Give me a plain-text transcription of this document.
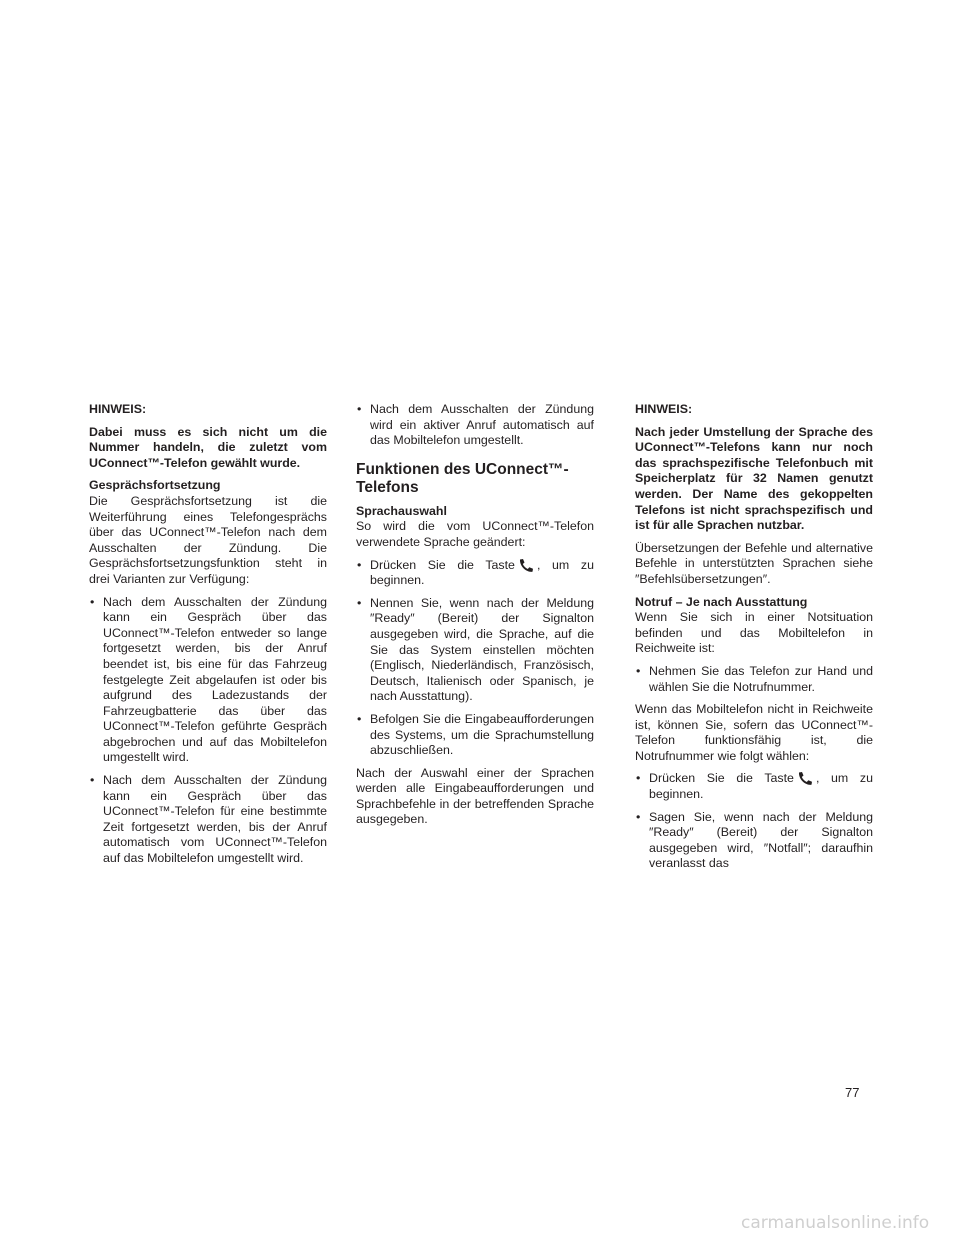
HINWEIS:

Dabei muss es sich nicht um die Nummer handeln, die zuletzt vom UConnect™-Telefon gewählt wurde.

Gesprächsfortsetzung

Die Gesprächsfortsetzung ist die Weiterführung eines Telefongesprächs über das UConnect™-Telefon nach dem Ausschalten der Zündung. Die Gesprächsfortsetzungsfunktion steht in drei Varianten zur Verfügung:

• Nach dem Ausschalten der Zündung kann ein Gespräch über das UConnect™-Telefon entweder so lange fortgesetzt werden, bis der Anruf beendet ist, bis eine für das Fahrzeug festgelegte Zeit abgelaufen ist oder bis aufgrund des Ladezustands der Fahrzeugbatterie das über das UConnect™-Telefon geführte Gespräch abgebrochen und auf das Mobiltelefon umgestellt wird.
• Nach dem Ausschalten der Zündung kann ein Gespräch über das UConnect™-Telefon für eine bestimmte Zeit fortgesetzt werden, bis der Anruf automatisch vom UConnect™-Telefon auf das Mobiltelefon umgestellt wird.
• Nach dem Ausschalten der Zündung wird ein aktiver Anruf automatisch auf das Mobiltelefon umgestellt.
Funktionen des UConnect™-Telefons

Sprachauswahl

So wird die vom UConnect™-Telefon verwendete Sprache geändert:

• Drücken Sie die Taste , um zu beginnen.
• Nennen Sie, wenn nach der Meldung ″Ready″ (Bereit) der Signalton ausgegeben wird, die Sprache, auf die Sie das System einstellen möchten (Englisch, Niederländisch, Französisch, Deutsch, Italienisch oder Spanisch, je nach Ausstattung).
• Befolgen Sie die Eingabeaufforderungen des Systems, um die Sprachumstellung abzuschließen.

Nach der Auswahl einer der Sprachen werden alle Eingabeaufforderungen und Sprachbefehle in der betreffenden Sprache ausgegeben.

HINWEIS:

Nach jeder Umstellung der Sprache des UConnect™-Telefons kann nur noch das sprachspezifische Telefonbuch mit Speicherplatz für 32 Namen genutzt werden. Der Name des gekoppelten Telefons ist nicht sprachspezifisch und ist für alle Sprachen nutzbar.

Übersetzungen der Befehle und alternative Befehle in unterstützten Sprachen siehe ″Befehlsübersetzungen″.

Notruf – Je nach Ausstattung

Wenn Sie sich in einer Notsituation befinden und das Mobiltelefon in Reichweite ist:

• Nehmen Sie das Telefon zur Hand und wählen Sie die Notrufnummer.

Wenn das Mobiltelefon nicht in Reichweite ist, können Sie, sofern das UConnect™-Telefon funktionsfähig ist, die Notrufnummer wie folgt wählen:

• Drücken Sie die Taste , um zu beginnen.
• Sagen Sie, wenn nach der Meldung ″Ready″ (Bereit) der Signalton ausgegeben wird, ″Notfall″; daraufhin veranlasst das
77
carmanualsonline.info
